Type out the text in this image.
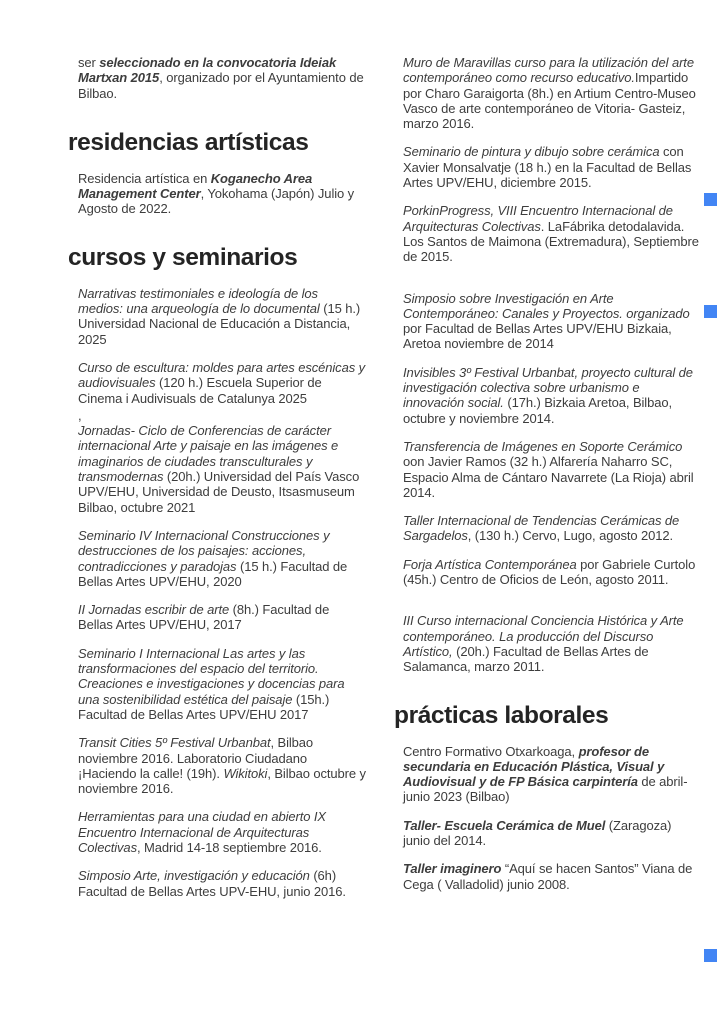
ser seleccionado en la convocatoria Ideiak Martxan 2015, organizado por el Ayuntamiento de Bilbao.

residencias artísticas

Residencia artística en Koganecho Area Management Center, Yokohama (Japón) Julio y Agosto de 2022.

cursos y seminarios

Narrativas testimoniales e ideología de los medios: una arqueología de lo documental (15 h.) Universidad Nacional de Educación a Distancia, 2025

Curso de escultura: moldes para artes escénicas y audiovisuales (120 h.) Escuela Superior de Cinema i Audivisuals de Catalunya 2025

,

Jornadas- Ciclo de Conferencias de carácter internacional Arte y paisaje en las imágenes e imaginarios de ciudades transculturales y transmodernas (20h.) Universidad del País Vasco UPV/EHU, Universidad de Deusto, Itsasmuseum Bilbao, octubre 2021

Seminario IV Internacional Construcciones y destrucciones de los paisajes: acciones, contradicciones y paradojas (15 h.) Facultad de Bellas Artes UPV/EHU, 2020

II Jornadas escribir de arte (8h.) Facultad de Bellas Artes UPV/EHU, 2017

Seminario I Internacional Las artes y las transformaciones del espacio del territorio. Creaciones e investigaciones y docencias para una sostenibilidad estética del paisaje (15h.) Facultad de Bellas Artes UPV/EHU 2017

Transit Cities 5º Festival Urbanbat, Bilbao noviembre 2016. Laboratorio Ciudadano ¡Haciendo la calle! (19h). Wikitoki, Bilbao octubre y noviembre 2016.

Herramientas para una ciudad en abierto IX Encuentro Internacional de Arquitecturas Colectivas, Madrid 14-18 septiembre 2016.

Simposio Arte, investigación y educación (6h) Facultad de Bellas Artes UPV-EHU, junio 2016.

Muro de Maravillas curso para la utilización del arte contemporáneo como recurso educativo.Impartido por Charo Garaigorta (8h.) en Artium Centro-Museo Vasco de arte contemporáneo de Vitoria- Gasteiz, marzo 2016.

Seminario de pintura y dibujo sobre cerámica con Xavier Monsalvatje (18 h.) en la Facultad de Bellas Artes UPV/EHU, diciembre 2015.

PorkinProgress, VIII Encuentro Internacional de Arquitecturas Colectivas. LaFábrika detodalavida. Los Santos de Maimona (Extremadura), Septiembre de 2015.

Simposio sobre Investigación en Arte Contemporáneo: Canales y Proyectos. organizado por Facultad de Bellas Artes UPV/EHU Bizkaia, Aretoa noviembre de 2014

Invisibles 3º Festival Urbanbat, proyecto cultural de investigación colectiva sobre urbanismo e innovación social. (17h.) Bizkaia Aretoa, Bilbao, octubre y noviembre 2014.

Transferencia de Imágenes en Soporte Cerámico oon Javier Ramos (32 h.) Alfarería Naharro SC, Espacio Alma de Cántaro Navarrete (La Rioja) abril 2014.

Taller Internacional de Tendencias Cerámicas de Sargadelos, (130 h.) Cervo, Lugo, agosto 2012.

Forja Artística Contemporánea por Gabriele Curtolo (45h.) Centro de Oficios de León, agosto 2011.

III Curso internacional Conciencia Histórica y Arte contemporáneo. La producción del Discurso Artístico, (20h.) Facultad de Bellas Artes de Salamanca, marzo 2011.

prácticas laborales

Centro Formativo Otxarkoaga, profesor de secundaria en Educación Plástica, Visual y Audiovisual y de FP Básica carpintería de abril- junio 2023 (Bilbao)

Taller- Escuela Cerámica de Muel (Zaragoza) junio del 2014.

Taller imaginero “Aquí se hacen Santos” Viana de Cega ( Valladolid) junio 2008.
